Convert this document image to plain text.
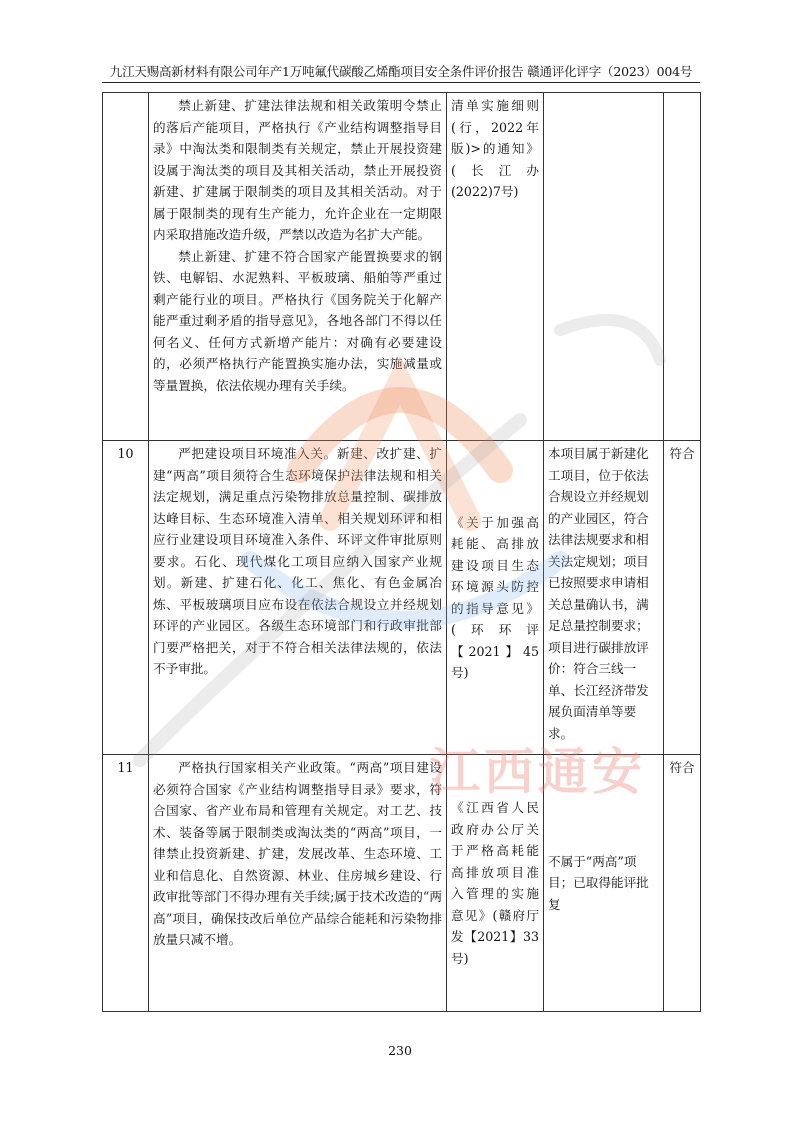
九江天赐高新材料有限公司年产1万吨氟代碳酸乙烯酯项目安全条件评价报告 赣通评化评字（2023）004号

	禁止新建、扩建法律法规和相关政策明令禁止的落后产能项目，严格执行《产业结构调整指导目录》中淘汰类和限制类有关规定，禁止开展投资建设属于淘汰类的项目及其相关活动，禁止开展投资新建、扩建属于限制类的项目及其相关活动。对于属于限制类的现有生产能力，允许企业在一定期限内采取措施改造升级，严禁以改造为名扩大产能。

禁止新建、扩建不符合国家产能置换要求的钢铁、电解铝、水泥熟料、平板玻璃、船舶等严重过剩产能行业的项目。严格执行《国务院关于化解产能严重过剩矛盾的指导意见》，各地各部门不得以任何名义、任何方式新增产能片：对确有必要建设的，必须严格执行产能置换实施办法，实施减量或等量置换，依法依规办理有关手续。	清单实施细则(行，2022年版)>的通知》(长江办(2022)7号)		
10	严把建设项目环境准入关。新建、改扩建、扩建“两高”项目须符合生态环境保护法律法规和相关法定规划，满足重点污染物排放总量控制、碳排放达峰目标、生态环境准入清单、相关规划环评和相应行业建设项目环境准入条件、环评文件审批原则要求。石化、现代煤化工项目应纳入国家产业规划。新建、扩建石化、化工、焦化、有色金属冶炼、平板玻璃项目应布设在依法合规设立并经规划环评的产业园区。各级生态环境部门和行政审批部门要严格把关，对于不符合相关法律法规的，依法不予审批。	《关于加强高耗能、高排放建设项目生态环境源头防控的指导意见》(环环评 【2021】45号)	本项目属于新建化工项目，位于依法合规设立并经规划的产业园区，符合法律法规要求和相关法定规划；项目已按照要求申请相关总量确认书，满足总量控制要求；项目进行碳排放评价：符合三线一单、长江经济带发展负面清单等要求。	符合
11	严格执行国家相关产业政策。“两高”项目建设必须符合国家《产业结构调整指导目录》要求，符合国家、省产业布局和管理有关规定。对工艺、技术、装备等属于限制类或淘汰类的“两高”项目，一律禁止投资新建、扩建，发展改革、生态环境、工业和信息化、自然资源、林业、住房城乡建设、行政审批等部门不得办理有关手续;属于技术改造的“两高”项目，确保技改后单位产品综合能耗和污染物排放量只减不增。	《江西省人民政府办公厅关于严格高耗能高排放项目准入管理的实施意见》(赣府厅发【2021】33号)	不属于“两高”项目；已取得能评批复	符合
江西通安
230
